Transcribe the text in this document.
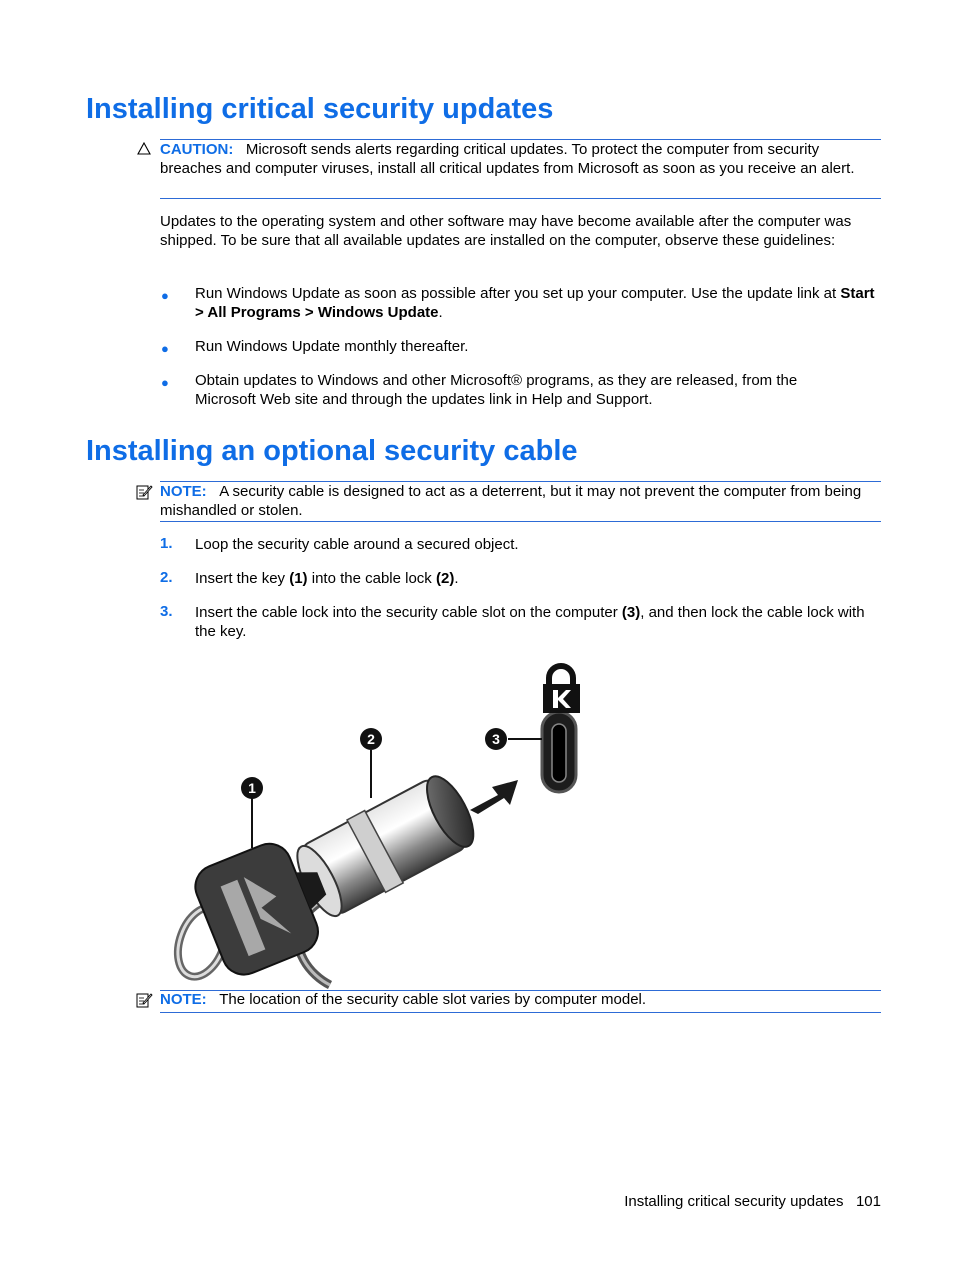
Installing critical security updates
CAUTION: Microsoft sends alerts regarding critical updates. To protect the computer from security breaches and computer viruses, install all critical updates from Microsoft as soon as you receive an alert.
Updates to the operating system and other software may have become available after the computer was shipped. To be sure that all available updates are installed on the computer, observe these guidelines:
● Run Windows Update as soon as possible after you set up your computer. Use the update link at Start > All Programs > Windows Update.
● Run Windows Update monthly thereafter.
● Obtain updates to Windows and other Microsoft® programs, as they are released, from the Microsoft Web site and through the updates link in Help and Support.
Installing an optional security cable
NOTE: A security cable is designed to act as a deterrent, but it may not prevent the computer from being mishandled or stolen.
1. Loop the security cable around a secured object.
2. Insert the key (1) into the cable lock (2).
3. Insert the cable lock into the security cable slot on the computer (3), and then lock the cable lock with the key.
1
2	3
NOTE: The location of the security cable slot varies by computer model.
Installing critical security updates 101
